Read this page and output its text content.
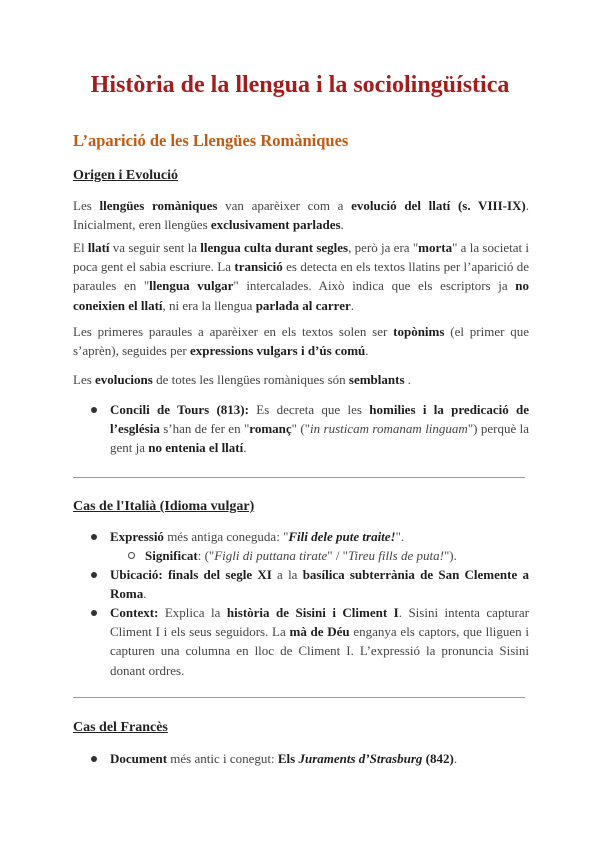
Història de la llengua i la sociolingüística
L’aparició de les Llengües Romàniques
Origen i Evolució
Les llengües romàniques van aparèixer com a evolució del llatí (s. VIII-IX). Inicialment, eren llengües exclusivament parlades.
El llatí va seguir sent la llengua culta durant segles, però ja era "morta" a la societat i poca gent el sabia escriure. La transició es detecta en els textos llatins per l’aparició de paraules en "llengua vulgar" intercalades. Això indica que els escriptors ja no coneixien el llatí, ni era la llengua parlada al carrer.
Les primeres paraules a aparèixer en els textos solen ser topònims (el primer que s’aprèn), seguides per expressions vulgars i d’ús comú.
Les evolucions de totes les llengües romàniques són semblants .
Concili de Tours (813): Es decreta que les homilies i la predicació de l’església s’han de fer en "romanç" ("in rusticam romanam linguam") perquè la gent ja no entenia el llatí.
Cas de l'Italià (Idioma vulgar)
Expressió més antiga coneguda: "Fili dele pute traite!".
Significat: ("Figli di puttana tirate" / "Tireu fills de puta!").
Ubicació: finals del segle XI a la basílica subterrània de San Clemente a Roma.
Context: Explica la història de Sisini i Climent I. Sisini intenta capturar Climent I i els seus seguidors. La mà de Déu enganya els captors, que lliguen i capturen una columna en lloc de Climent I. L’expressió la pronuncia Sisini donant ordres.
Cas del Francès
Document més antic i conegut: Els Juraments d’Strasburg (842).
